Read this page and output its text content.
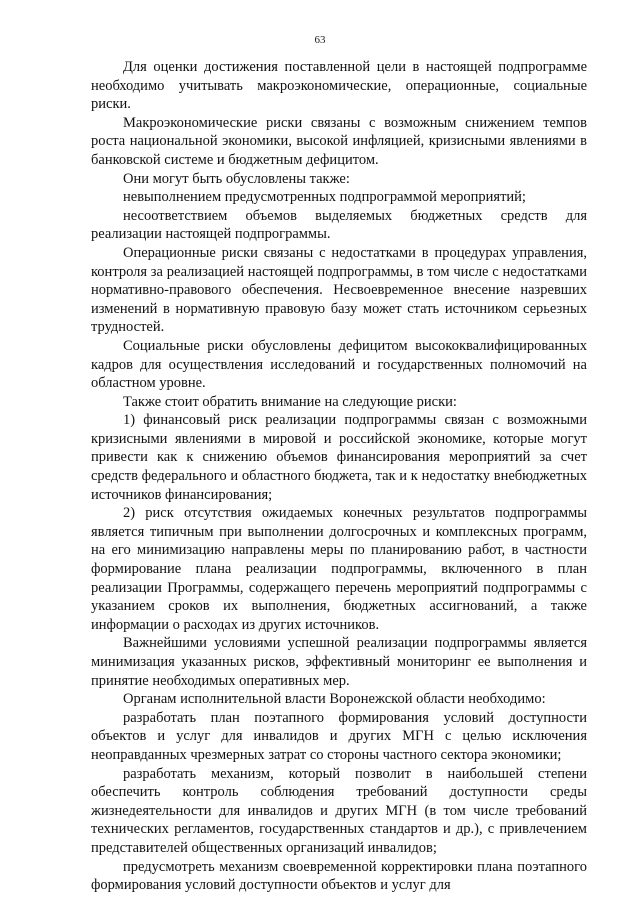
63

Для оценки достижения поставленной цели в настоящей подпрограмме необходимо учитывать макроэкономические, операционные, социальные риски.

Макроэкономические риски связаны с возможным снижением темпов роста национальной экономики, высокой инфляцией, кризисными явлениями в банковской системе и бюджетным дефицитом.

Они могут быть обусловлены также:

невыполнением предусмотренных подпрограммой мероприятий;

несоответствием объемов выделяемых бюджетных средств для реализации настоящей подпрограммы.

Операционные риски связаны с недостатками в процедурах управления, контроля за реализацией настоящей подпрограммы, в том числе с недостатками нормативно-правового обеспечения. Несвоевременное внесение назревших изменений в нормативную правовую базу может стать источником серьезных трудностей.

Социальные риски обусловлены дефицитом высококвалифицированных кадров для осуществления исследований и государственных полномочий на областном уровне.

Также стоит обратить внимание на следующие риски:

1) финансовый риск реализации подпрограммы связан с возможными кризисными явлениями в мировой и российской экономике, которые могут привести как к снижению объемов финансирования мероприятий за счет средств федерального и областного бюджета, так и к недостатку внебюджетных источников финансирования;

2) риск отсутствия ожидаемых конечных результатов подпрограммы является типичным при выполнении долгосрочных и комплексных программ, на его минимизацию направлены меры по планированию работ, в частности формирование плана реализации подпрограммы, включенного в план реализации Программы, содержащего перечень мероприятий подпрограммы с указанием сроков их выполнения, бюджетных ассигнований, а также информации о расходах из других источников.

Важнейшими условиями успешной реализации подпрограммы является минимизация указанных рисков, эффективный мониторинг ее выполнения и принятие необходимых оперативных мер.

Органам исполнительной власти Воронежской области необходимо:

разработать план поэтапного формирования условий доступности объектов и услуг для инвалидов и других МГН с целью исключения неоправданных чрезмерных затрат со стороны частного сектора экономики;

разработать механизм, который позволит в наибольшей степени обеспечить контроль соблюдения требований доступности среды жизнедеятельности для инвалидов и других МГН (в том числе требований технических регламентов, государственных стандартов и др.), с привлечением представителей общественных организаций инвалидов;

предусмотреть механизм своевременной корректировки плана поэтапного формирования условий доступности объектов и услуг для
